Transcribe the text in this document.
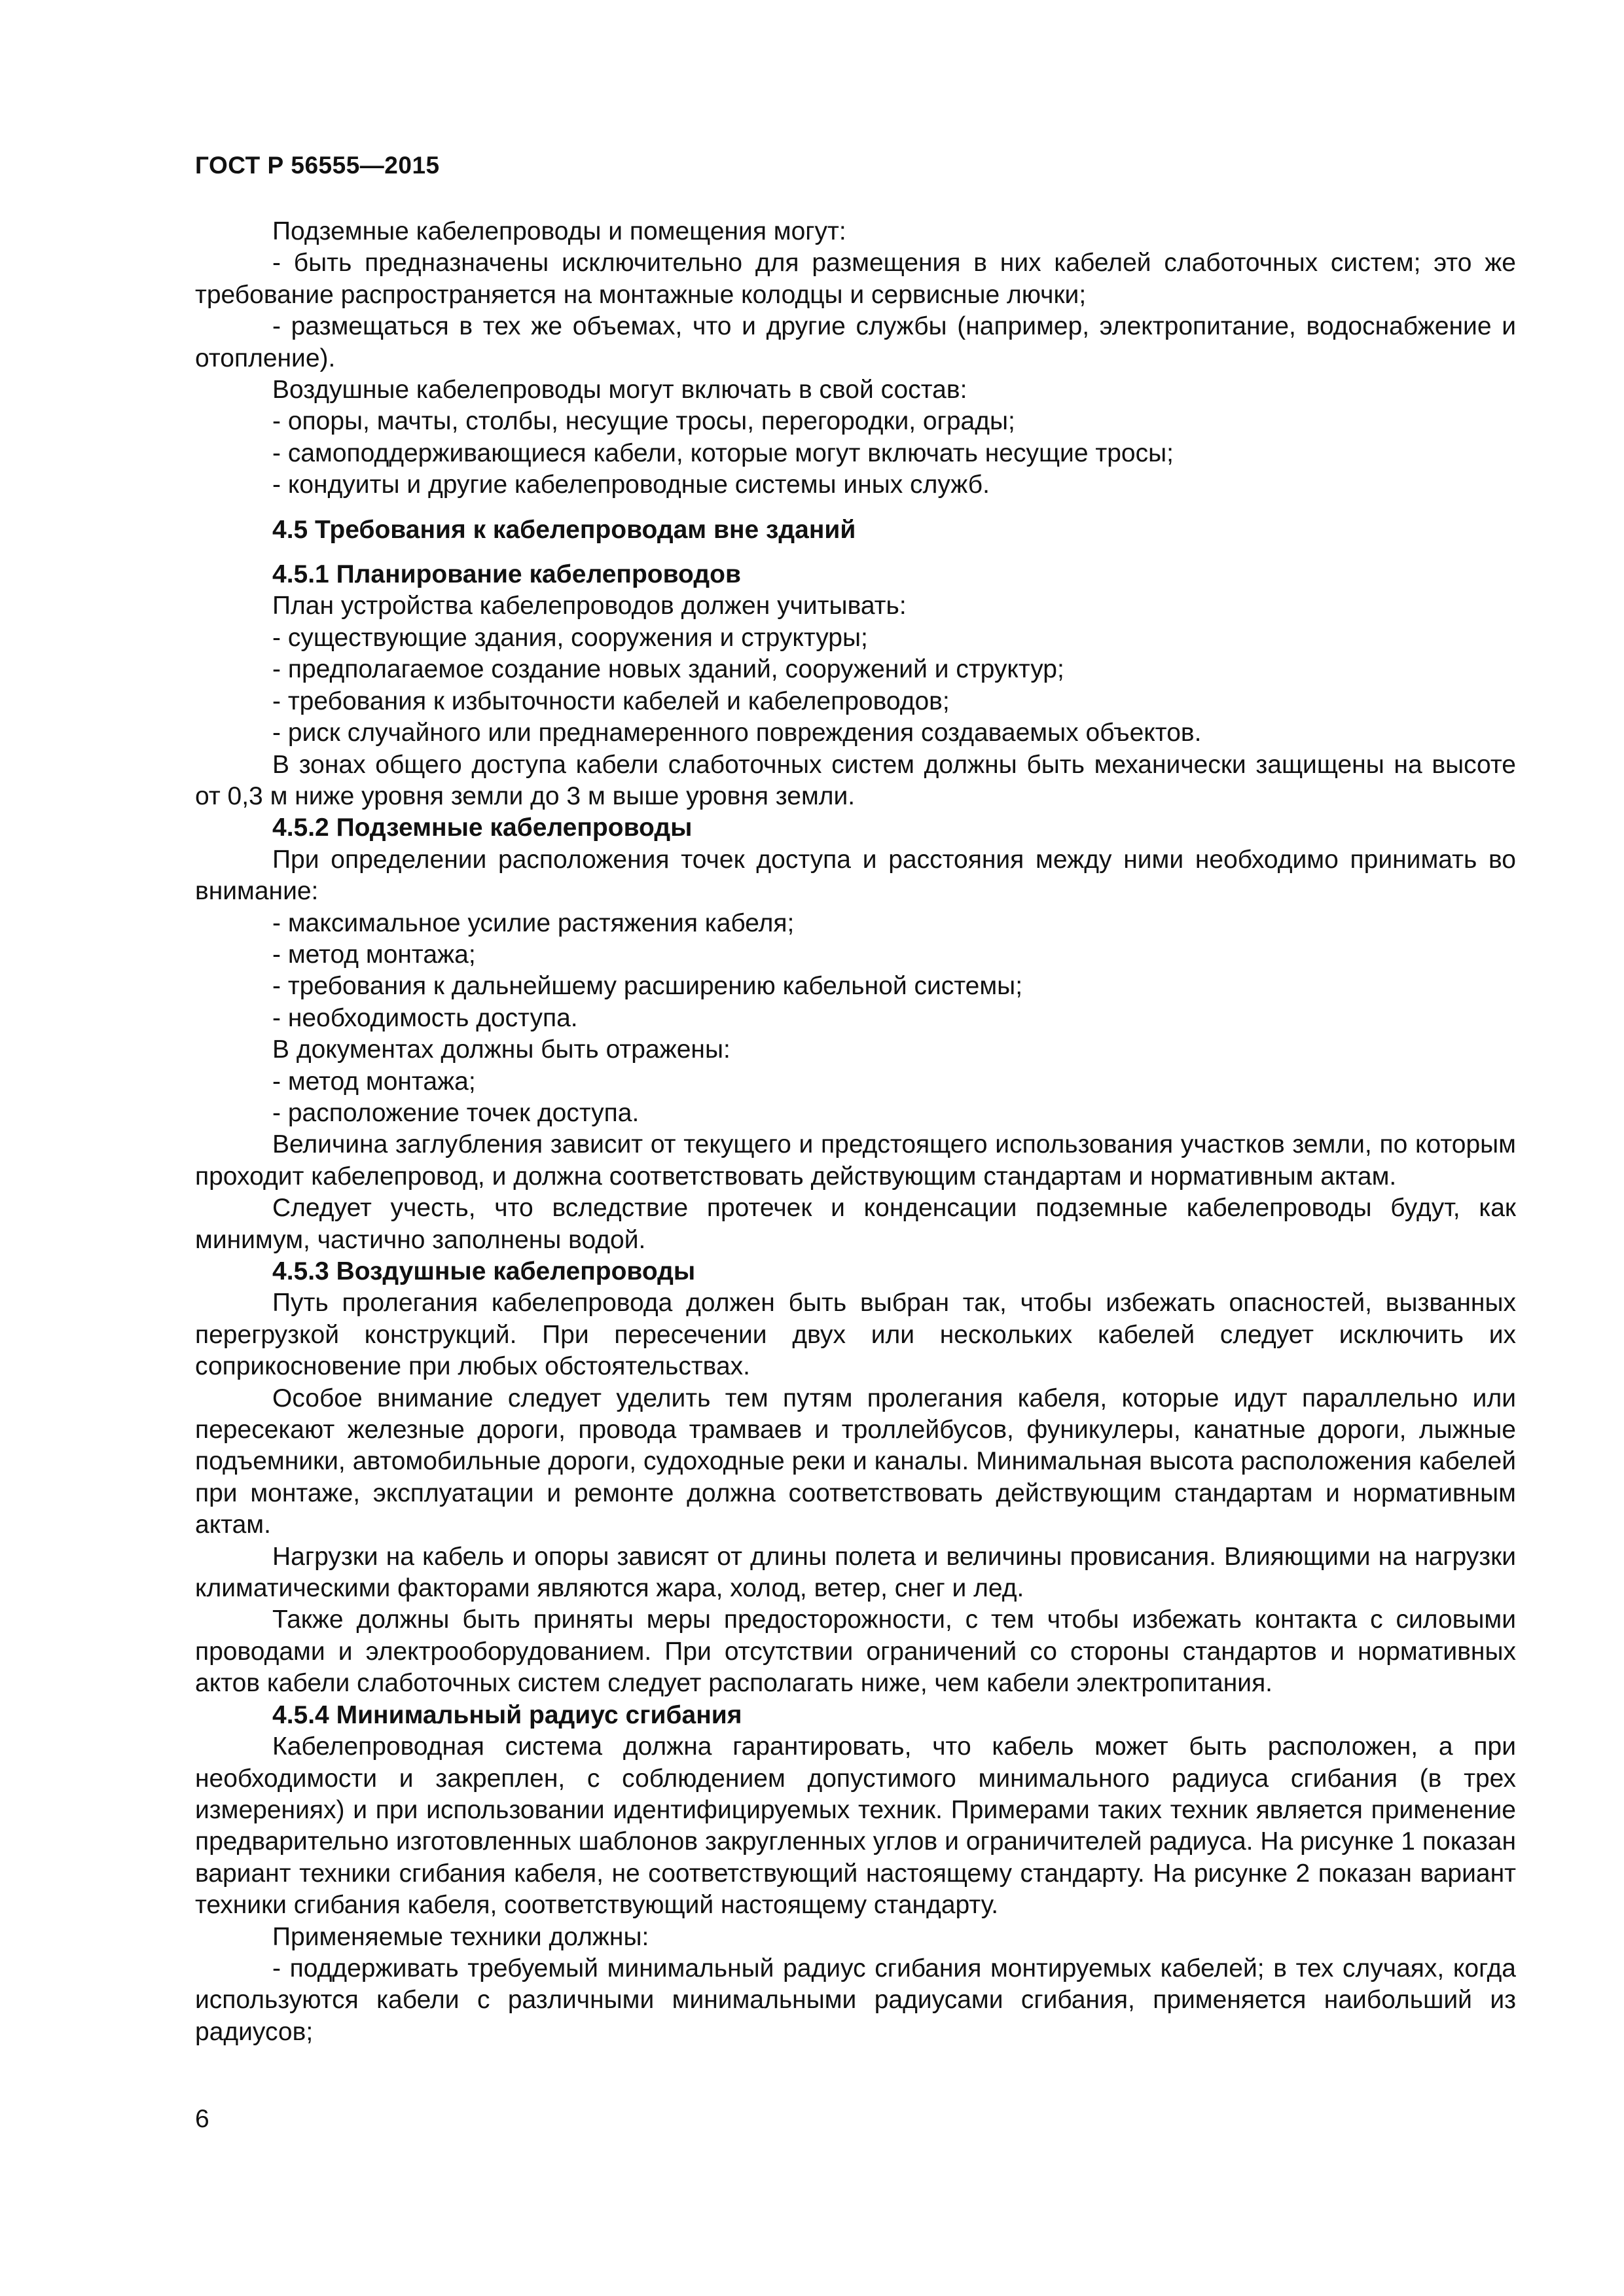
ГОСТ Р 56555—2015

Подземные кабелепроводы и помещения могут:

- быть предназначены исключительно для размещения в них кабелей слаботочных систем; это же требование распространяется на монтажные колодцы и сервисные лючки;

- размещаться в тех же объемах, что и другие службы (например, электропитание, водоснабжение и отопление).

Воздушные кабелепроводы могут включать в свой состав:

- опоры, мачты, столбы, несущие тросы, перегородки, ограды;

- самоподдерживающиеся кабели, которые могут включать несущие тросы;

- кондуиты и другие кабелепроводные системы иных служб.

4.5 Требования к кабелепроводам вне зданий

4.5.1 Планирование кабелепроводов

План устройства кабелепроводов должен учитывать:

- существующие здания, сооружения и структуры;

- предполагаемое создание новых зданий, сооружений и структур;

- требования к избыточности кабелей и кабелепроводов;

- риск случайного или преднамеренного повреждения создаваемых объектов.

В зонах общего доступа кабели слаботочных систем должны быть механически защищены на высоте от 0,3 м ниже уровня земли до 3 м выше уровня земли.

4.5.2 Подземные кабелепроводы

При определении расположения точек доступа и расстояния между ними необходимо принимать во внимание:

- максимальное усилие растяжения кабеля;

- метод монтажа;

- требования к дальнейшему расширению кабельной системы;

- необходимость доступа.

В документах должны быть отражены:

- метод монтажа;

- расположение точек доступа.

Величина заглубления зависит от текущего и предстоящего использования участков земли, по которым проходит кабелепровод, и должна соответствовать действующим стандартам и нормативным актам.

Следует учесть, что вследствие протечек и конденсации подземные кабелепроводы будут, как минимум, частично заполнены водой.

4.5.3 Воздушные кабелепроводы

Путь пролегания кабелепровода должен быть выбран так, чтобы избежать опасностей, вызванных перегрузкой конструкций. При пересечении двух или нескольких кабелей следует исключить их соприкосновение при любых обстоятельствах.

Особое внимание следует уделить тем путям пролегания кабеля, которые идут параллельно или пересекают железные дороги, провода трамваев и троллейбусов, фуникулеры, канатные дороги, лыжные подъемники, автомобильные дороги, судоходные реки и каналы. Минимальная высота расположения кабелей при монтаже, эксплуатации и ремонте должна соответствовать действующим стандартам и нормативным актам.

Нагрузки на кабель и опоры зависят от длины полета и величины провисания. Влияющими на нагрузки климатическими факторами являются жара, холод, ветер, снег и лед.

Также должны быть приняты меры предосторожности, с тем чтобы избежать контакта с силовыми проводами и электрооборудованием. При отсутствии ограничений со стороны стандартов и нормативных актов кабели слаботочных систем следует располагать ниже, чем кабели электропитания.

4.5.4 Минимальный радиус сгибания

Кабелепроводная система должна гарантировать, что кабель может быть расположен, а при необходимости и закреплен, с соблюдением допустимого минимального радиуса сгибания (в трех измерениях) и при использовании идентифицируемых техник. Примерами таких техник является применение предварительно изготовленных шаблонов закругленных углов и ограничителей радиуса. На рисунке 1 показан вариант техники сгибания кабеля, не соответствующий настоящему стандарту. На рисунке 2 показан вариант техники сгибания кабеля, соответствующий настоящему стандарту.

Применяемые техники должны:

- поддерживать требуемый минимальный радиус сгибания монтируемых кабелей; в тех случаях, когда используются кабели с различными минимальными радиусами сгибания, применяется наибольший из радиусов;

6
